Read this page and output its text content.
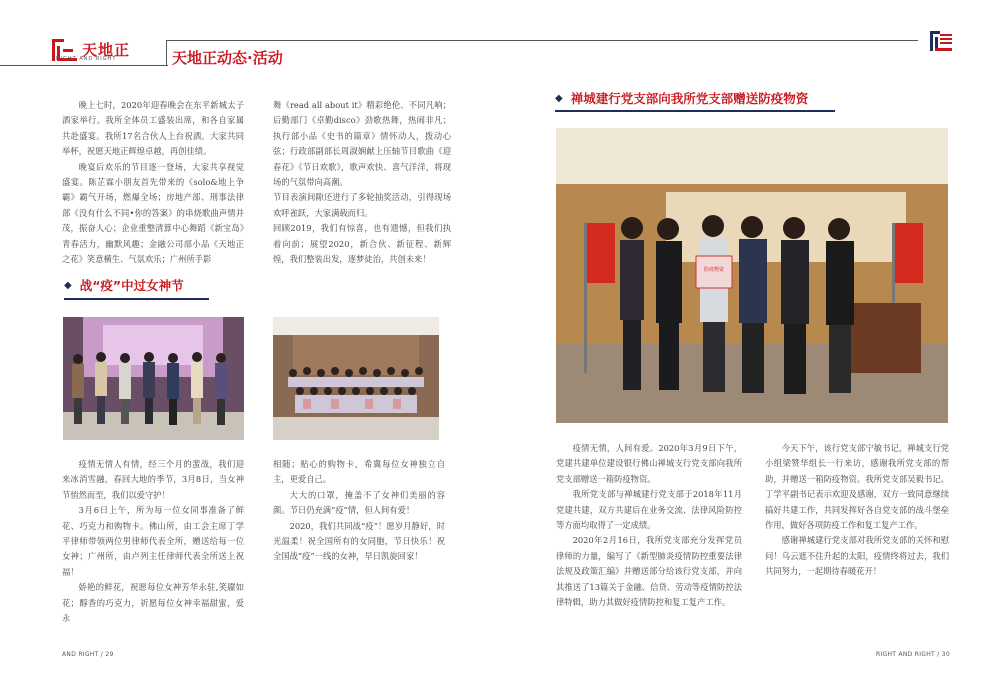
天地正
RIGHT AND RIGHT	天地正动态·活动

晚上七时，2020年迎春晚会在东平新城太子酒家举行。我所全体员工盛装出席，和各自家属共赴盛宴。我所17名合伙人上台祝酒。大家共同举杯，祝愿天地正辉煌卓越，再创佳绩。

晚宴后欢乐的节目逐一登场，大家共享视觉盛宴。陈芷霖小朋友首先带来的《solo&地上争霸》霸气开场，燃爆全场；房地产部、刑事法律部《没有什么不同•你的答案》的串烧歌曲声情并茂，振奋人心；企业重整清算中心舞蹈《新宝岛》青春活力，幽默风趣；金融公司部小品《天地正之花》笑意横生、气氛欢乐；广州所手影

舞《read all about it》精彩绝伦、不同凡响；后勤部门《卓勤disco》劲歌热舞，热闹非凡；执行部小品《史书的篇章》情怀动人，拨动心弦；行政部副部长周淑娴献上压轴节目歌曲《迎春花》《节日欢歌》，歌声欢快、喜气洋洋，将现场的气氛带向高潮。

节目表演间隙还进行了多轮抽奖活动，引得现场欢呼雀跃，大家满载而归。

回顾2019，我们有惊喜，也有遗憾，但我们执着向前；展望2020，新合伙、新征程、新辉煌，我们整装出发，逐梦徒治，共创未来！

◆ 战“疫”中过女神节

疫情无情人有情，经三个月的蜚战，我们迎来冰消雪融，春回大地的季节，3月8日，当女神节悄然而至，我们以爱守护！

3月6日上午，所为每一位女同事准备了鲜花、巧克力和购物卡。佛山所，由工会主席丁学平律师带领两位男律师代表全所，赠送给每一位女神；广州所，由卢列主任律师代表全所送上祝福！

娇艳的鲜花，祝愿每位女神芳华永驻,笑靥如花；醇香的巧克力，祈愿每位女神幸福甜蜜，爱永

相随；贴心的购物卡，希冀每位女神独立自主，更爱自己。

大大的口罩，掩盖不了女神们美丽的容颜。节日仍充满“疫”情，但人间有爱！

2020，我们共同战“疫”！愿岁月静好，时光温柔！祝全国所有的女同胞，节日快乐！祝全国战“疫”一线的女神，早日凯旋回家！

AND RIGHT / 29
◆ 禅城建行党支部向我所党支部赠送防疫物资
防疫物资

疫情无情，人间有爱。2020年3月9日下午，党建共建单位建设银行佛山禅城支行党支部向我所党支部赠送一箱防疫物资。

我所党支部与禅城建行党支部于2018年11月党建共建，双方共建后在业务交流、法律风险防控等方面均取得了一定成绩。

2020年2月16日，我所党支部充分发挥党员律师的力量，编写了《新型肺炎疫情防控重要法律法规及政策汇编》并赠送部分给该行党支部，并向其推送了13篇关于金融、信贷、劳动等疫情防控法律特辑，助力其做好疫情防控和复工复产工作。

今天下午，该行党支部宁敏书记，禅城支行党小组梁赞华组长一行来访，感谢我所党支部的帮助，并赠送一箱防疫物资。我所党支部吴毅书记、丁学平副书记表示欢迎及感谢，双方一致同意继续搞好共建工作，共同发挥好各自党支部的战斗堡垒作用，做好各项防疫工作和复工复产工作。

感谢禅城建行党支部对我所党支部的关怀和慰问！乌云遮不住升起的太阳，疫情终将过去，我们共同努力，一起期待春暖花开！

RIGHT AND RIGHT / 30
